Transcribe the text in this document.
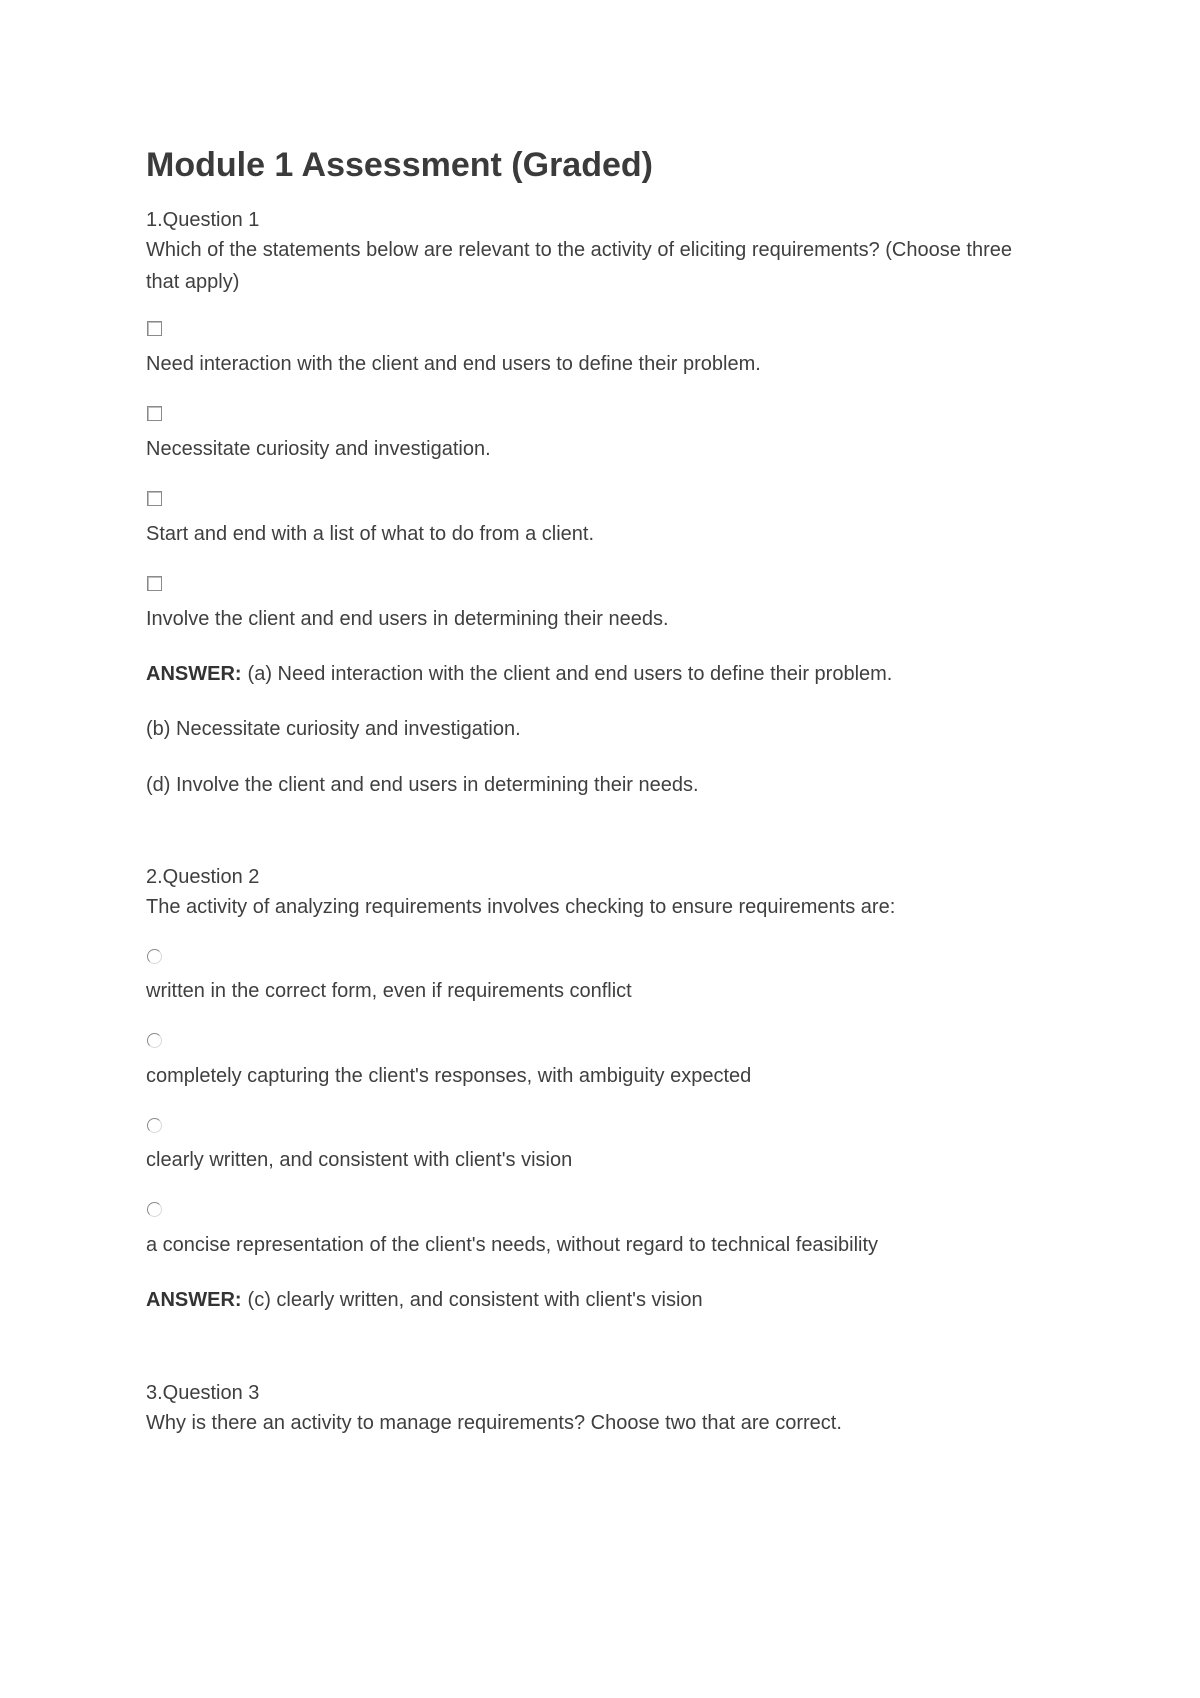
Module 1 Assessment (Graded)
1.Question 1
Which of the statements below are relevant to the activity of eliciting requirements? (Choose three that apply)
Need interaction with the client and end users to define their problem.
Necessitate curiosity and investigation.
Start and end with a list of what to do from a client.
Involve the client and end users in determining their needs.
ANSWER: (a) Need interaction with the client and end users to define their problem.
(b) Necessitate curiosity and investigation.
(d) Involve the client and end users in determining their needs.
2.Question 2
The activity of analyzing requirements involves checking to ensure requirements are:
written in the correct form, even if requirements conflict
completely capturing the client's responses, with ambiguity expected
clearly written, and consistent with client's vision
a concise representation of the client's needs, without regard to technical feasibility
ANSWER: (c) clearly written, and consistent with client's vision
3.Question 3
Why is there an activity to manage requirements? Choose two that are correct.
